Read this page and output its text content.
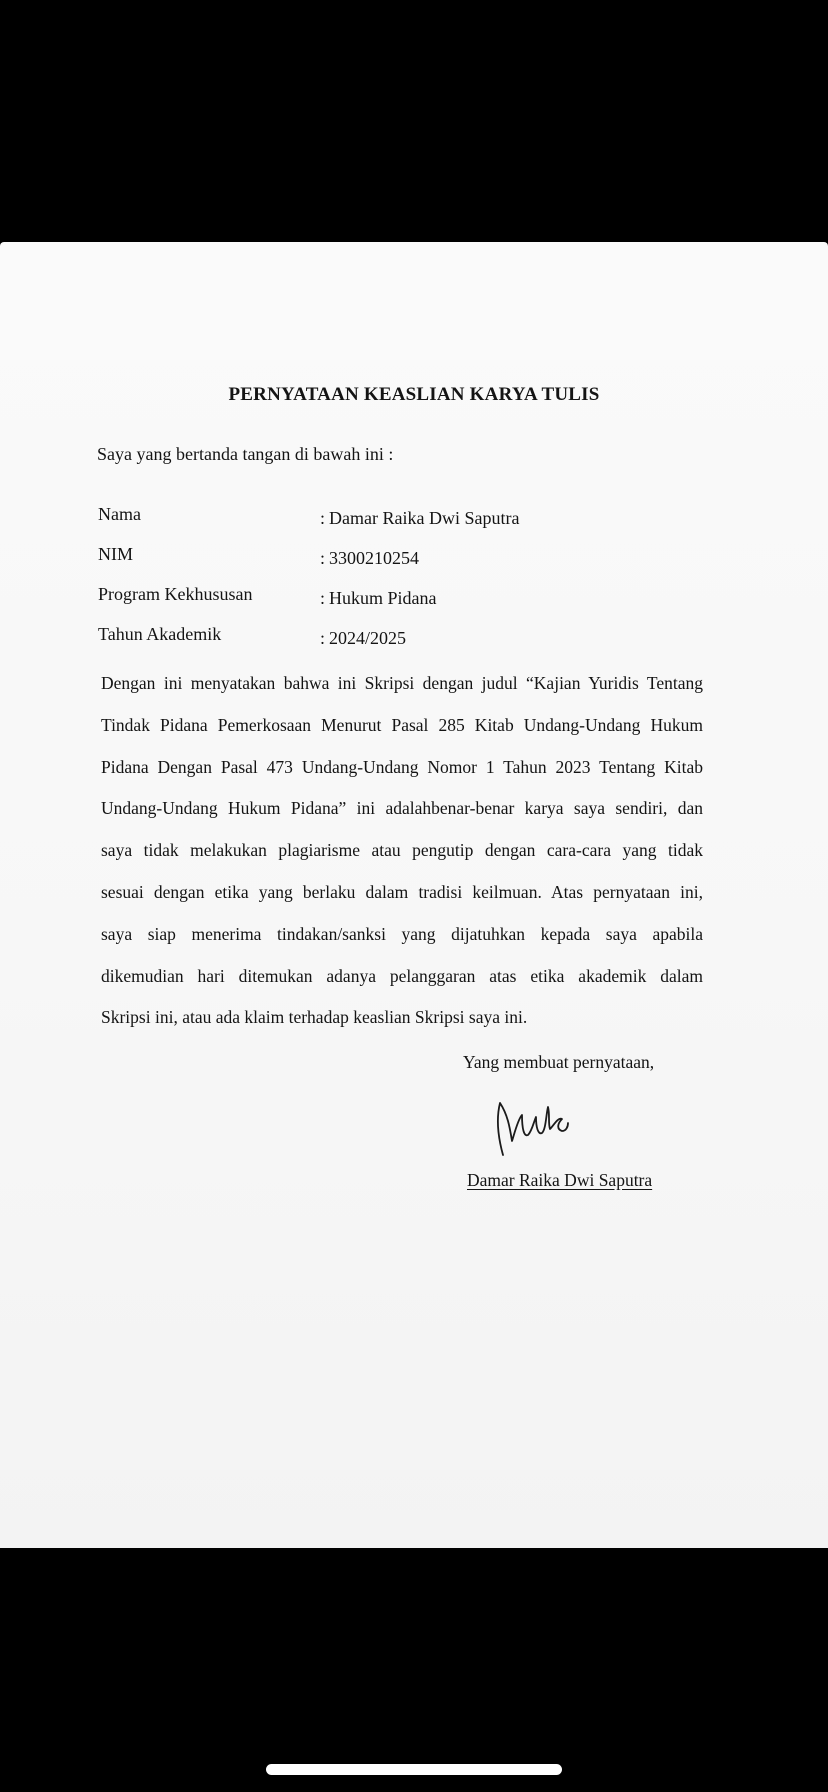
PERNYATAAN KEASLIAN KARYA TULIS
Saya yang bertanda tangan di bawah ini :
Nama	: Damar Raika Dwi Saputra
NIM	: 3300210254
Program Kekhususan	: Hukum Pidana
Tahun Akademik	: 2024/2025
Dengan ini menyatakan bahwa ini Skripsi dengan judul “Kajian Yuridis Tentang
Tindak Pidana Pemerkosaan Menurut Pasal 285 Kitab Undang-Undang Hukum
Pidana Dengan Pasal 473 Undang-Undang Nomor 1 Tahun 2023 Tentang Kitab
Undang-Undang Hukum Pidana” ini adalahbenar-benar karya saya sendiri, dan
saya tidak melakukan plagiarisme atau pengutip dengan cara-cara yang tidak
sesuai dengan etika yang berlaku dalam tradisi keilmuan. Atas pernyataan ini,
saya siap menerima tindakan/sanksi yang dijatuhkan kepada saya apabila
dikemudian hari ditemukan adanya pelanggaran atas etika akademik dalam
Skripsi ini, atau ada klaim terhadap keaslian Skripsi saya ini.
Yang membuat pernyataan,
Damar Raika Dwi Saputra
